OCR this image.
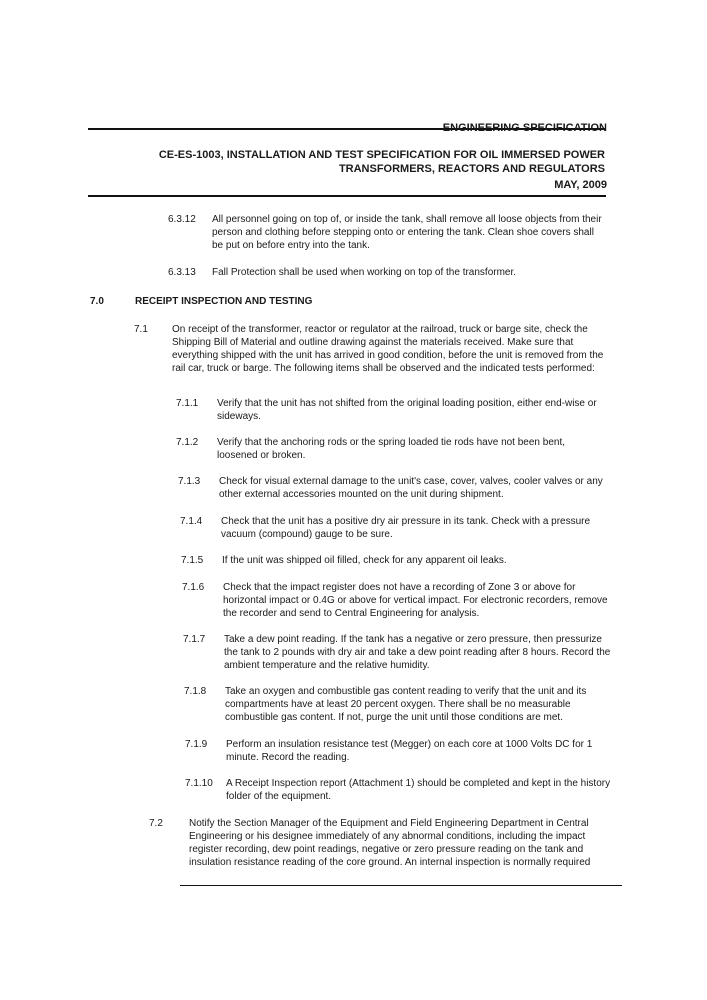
ENGINEERING SPECIFICATION
CE-ES-1003, INSTALLATION AND TEST SPECIFICATION FOR OIL IMMERSED POWER
TRANSFORMERS, REACTORS AND REGULATORS
MAY, 2009
6.3.12 All personnel going on top of, or inside the tank, shall remove all loose objects from their person and clothing before stepping onto or entering the tank. Clean shoe covers shall be put on before entry into the tank.
6.3.13 Fall Protection shall be used when working on top of the transformer.
7.0	RECEIPT INSPECTION AND TESTING
7.1 On receipt of the transformer, reactor or regulator at the railroad, truck or barge site, check the Shipping Bill of Material and outline drawing against the materials received. Make sure that everything shipped with the unit has arrived in good condition, before the unit is removed from the rail car, truck or barge. The following items shall be observed and the indicated tests performed:
7.1.1 Verify that the unit has not shifted from the original loading position, either end-wise or sideways.
7.1.2 Verify that the anchoring rods or the spring loaded tie rods have not been bent, loosened or broken.
7.1.3 Check for visual external damage to the unit's case, cover, valves, cooler valves or any other external accessories mounted on the unit during shipment.
7.1.4 Check that the unit has a positive dry air pressure in its tank. Check with a pressure vacuum (compound) gauge to be sure.
7.1.5 If the unit was shipped oil filled, check for any apparent oil leaks.
7.1.6 Check that the impact register does not have a recording of Zone 3 or above for horizontal impact or 0.4G or above for vertical impact. For electronic recorders, remove the recorder and send to Central Engineering for analysis.
7.1.7 Take a dew point reading. If the tank has a negative or zero pressure, then pressurize the tank to 2 pounds with dry air and take a dew point reading after 8 hours. Record the ambient temperature and the relative humidity.
7.1.8 Take an oxygen and combustible gas content reading to verify that the unit and its compartments have at least 20 percent oxygen. There shall be no measurable combustible gas content. If not, purge the unit until those conditions are met.
7.1.9 Perform an insulation resistance test (Megger) on each core at 1000 Volts DC for 1 minute. Record the reading.
7.1.10 A Receipt Inspection report (Attachment 1) should be completed and kept in the history folder of the equipment.
7.2	Notify the Section Manager of the Equipment and Field Engineering Department in Central Engineering or his designee immediately of any abnormal conditions, including the impact register recording, dew point readings, negative or zero pressure reading on the tank and insulation resistance reading of the core ground. An internal inspection is normally required
